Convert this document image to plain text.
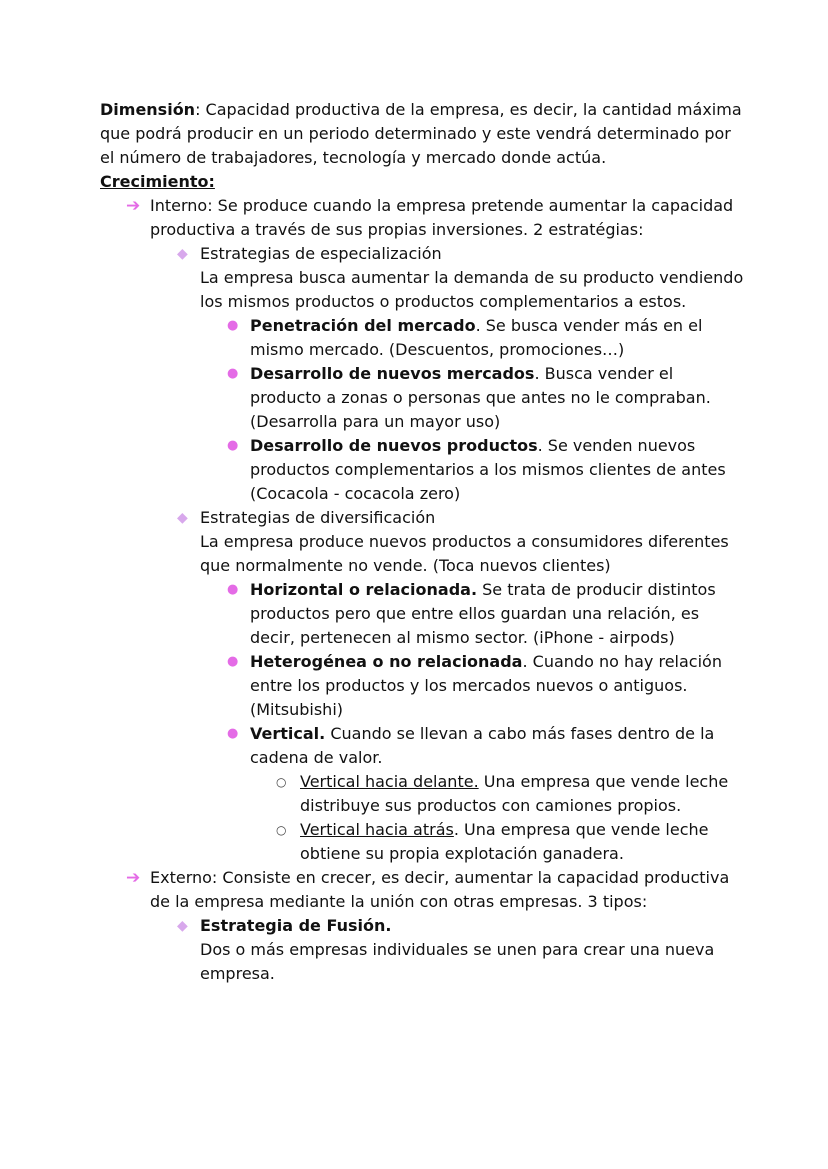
Dimensión: Capacidad productiva de la empresa, es decir, la cantidad máxima que podrá producir en un periodo determinado y este vendrá determinado por el número de trabajadores, tecnología y mercado donde actúa.

Crecimiento:

➔ Interno: Se produce cuando la empresa pretende aumentar la capacidad productiva a través de sus propias inversiones. 2 estratégias:
◆ Estrategias de especialización
La empresa busca aumentar la demanda de su producto vendiendo los mismos productos o productos complementarios a estos.
● Penetración del mercado. Se busca vender más en el mismo mercado. (Descuentos, promociones…)
● Desarrollo de nuevos mercados. Busca vender el producto a zonas o personas que antes no le compraban. (Desarrolla para un mayor uso)
● Desarrollo de nuevos productos. Se venden nuevos productos complementarios a los mismos clientes de antes (Cocacola - cocacola zero)
◆ Estrategias de diversificación
La empresa produce nuevos productos a consumidores diferentes que normalmente no vende. (Toca nuevos clientes)
● Horizontal o relacionada. Se trata de producir distintos productos pero que entre ellos guardan una relación, es decir, pertenecen al mismo sector. (iPhone - airpods)
● Heterogénea o no relacionada. Cuando no hay relación entre los productos y los mercados nuevos o antiguos. (Mitsubishi)
● Vertical. Cuando se llevan a cabo más fases dentro de la cadena de valor.
○ Vertical hacia delante. Una empresa que vende leche distribuye sus productos con camiones propios.
○ Vertical hacia atrás. Una empresa que vende leche obtiene su propia explotación ganadera.
➔ Externo: Consiste en crecer, es decir, aumentar la capacidad productiva de la empresa mediante la unión con otras empresas. 3 tipos:
◆ Estrategia de Fusión.
Dos o más empresas individuales se unen para crear una nueva empresa.
